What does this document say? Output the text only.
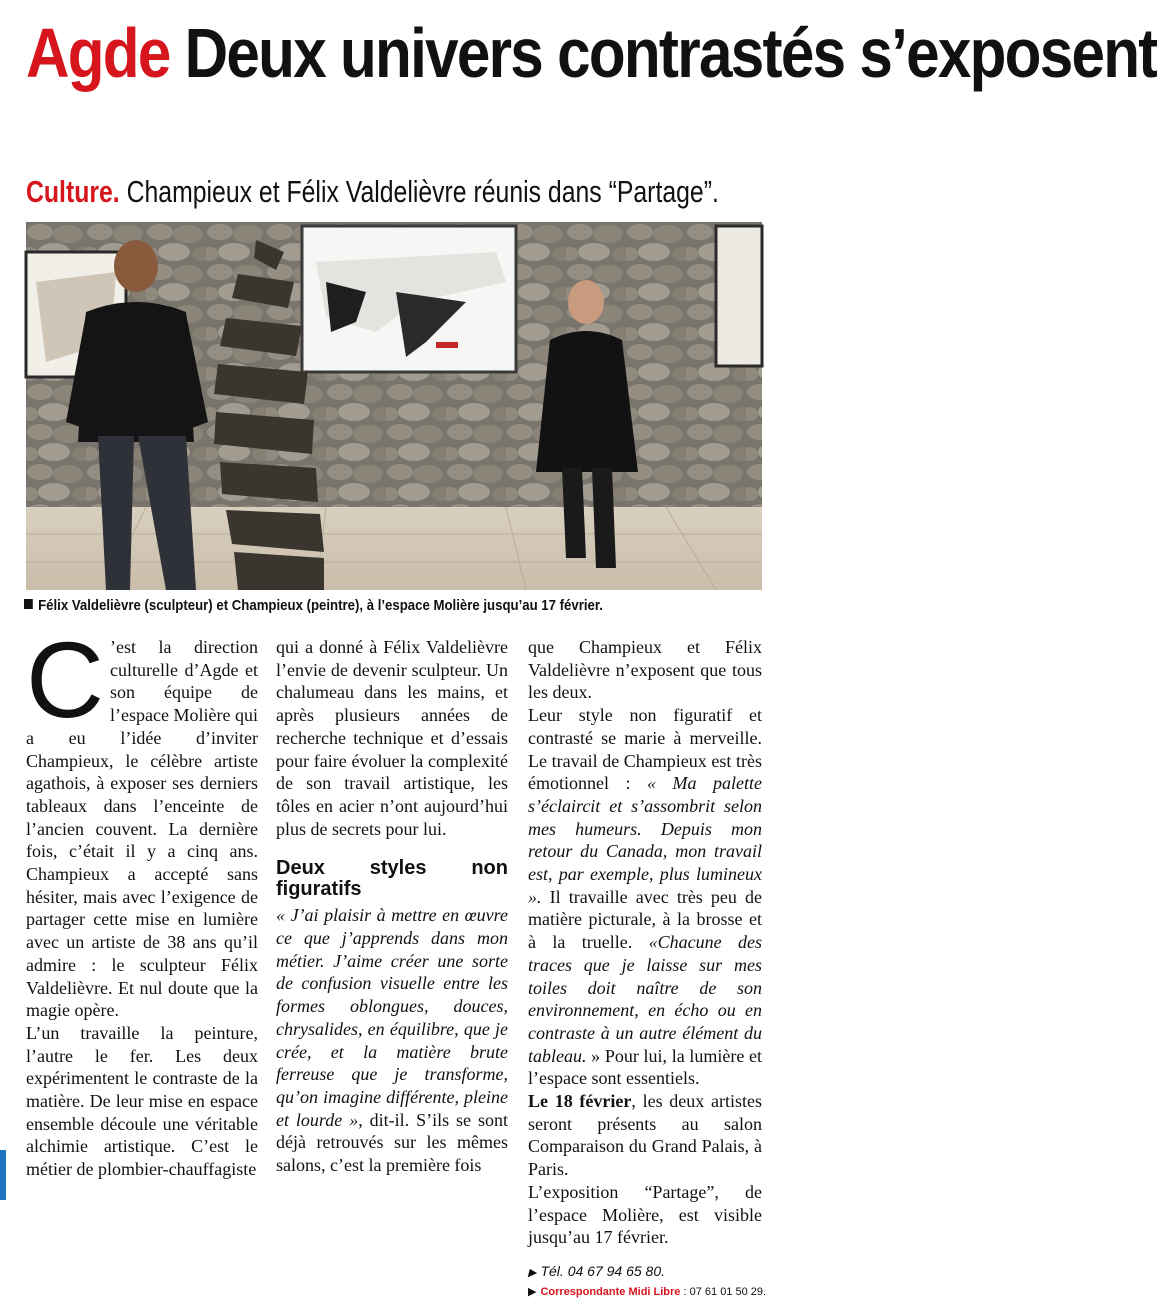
Agde Deux univers contrastés s’exposent
Culture. Champieux et Félix Valdelièvre réunis dans “Partage”.
Félix Valdelièvre (sculpteur) et Champieux (peintre), à l’espace Molière jusqu’au 17 février.

C ’est la direction culturelle d’Agde et son équipe de l’espace Molière qui a eu l’idée d’inviter Champieux, le célèbre artiste agathois, à exposer ses derniers tableaux dans l’enceinte de l’ancien couvent. La dernière fois, c’était il y a cinq ans. Champieux a accepté sans hésiter, mais avec l’exigence de partager cette mise en lumière avec un artiste de 38 ans qu’il admire : le sculpteur Félix Valdelièvre. Et nul doute que la magie opère.

L’un travaille la peinture, l’autre le fer. Les deux expérimentent le contraste de la matière. De leur mise en espace ensemble découle une véritable alchimie artistique. C’est le métier de plombier-chauffagiste

qui a donné à Félix Valdelièvre l’envie de devenir sculpteur. Un chalumeau dans les mains, et après plusieurs années de recherche technique et d’essais pour faire évoluer la complexité de son travail artistique, les tôles en acier n’ont aujourd’hui plus de secrets pour lui.

Deux styles non figuratifs

« J’ai plaisir à mettre en œuvre ce que j’apprends dans mon métier. J’aime créer une sorte de confusion visuelle entre les formes oblongues, douces, chrysalides, en équilibre, que je crée, et la matière brute ferreuse que je transforme, qu’on imagine différente, pleine et lourde », dit-il. S’ils se sont déjà retrouvés sur les mêmes salons, c’est la première fois

que Champieux et Félix Valdelièvre n’exposent que tous les deux.

Leur style non figuratif et contrasté se marie à merveille. Le travail de Champieux est très émotionnel : « Ma palette s’éclaircit et s’assombrit selon mes humeurs. Depuis mon retour du Canada, mon travail est, par exemple, plus lumineux ». Il travaille avec très peu de matière picturale, à la brosse et à la truelle. «Chacune des traces que je laisse sur mes toiles doit naître de son environnement, en écho ou en contraste à un autre élément du tableau. » Pour lui, la lumière et l’espace sont essentiels.

Le 18 février, les deux artistes seront présents au salon Comparaison du Grand Palais, à Paris.

L’exposition “Partage”, de l’espace Molière, est visible jusqu’au 17 février.

▶ Tél. 04 67 94 65 80.

▶ Correspondante Midi Libre : 07 61 01 50 29.
